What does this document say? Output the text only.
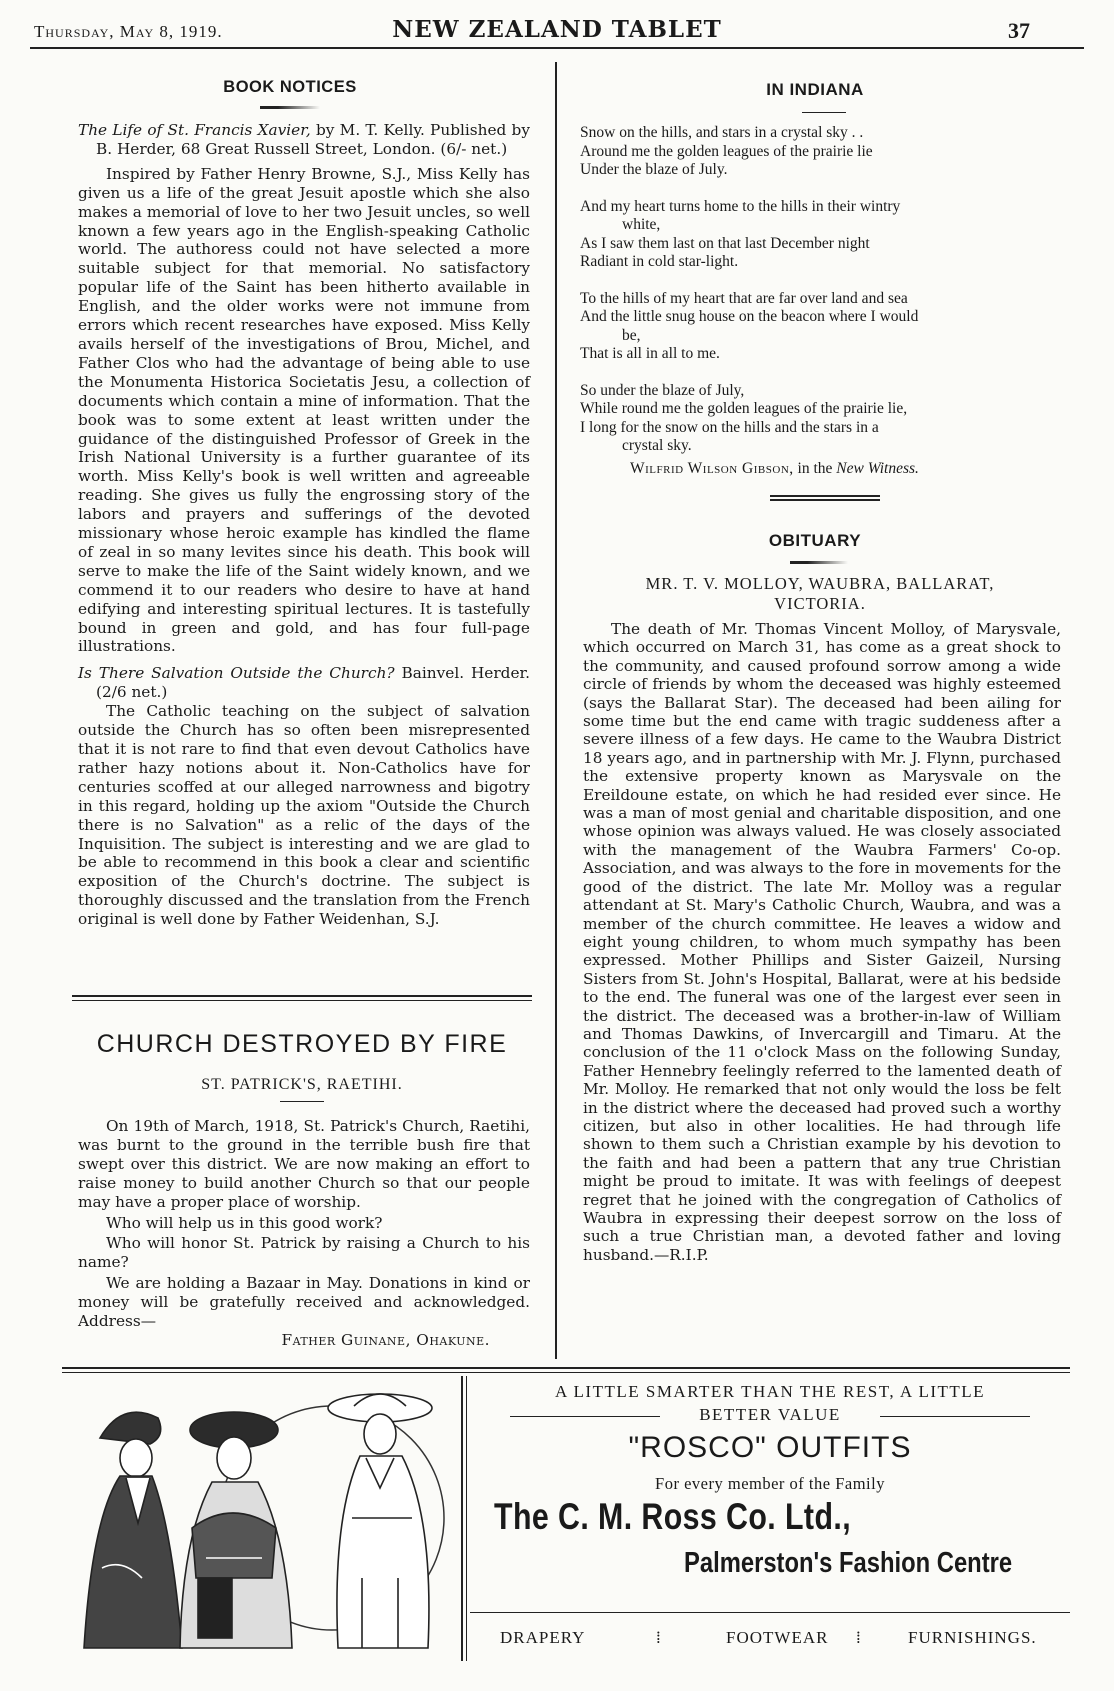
Thursday, May 8, 1919.	NEW ZEALAND TABLET	37
BOOK NOTICES

The Life of St. Francis Xavier, by M. T. Kelly. Published by B. Herder, 68 Great Russell Street, London. (6/- net.)

Inspired by Father Henry Browne, S.J., Miss Kelly has given us a life of the great Jesuit apostle which she also makes a memorial of love to her two Jesuit uncles, so well known a few years ago in the English-speaking Catholic world. The authoress could not have selected a more suitable subject for that memorial. No satisfactory popular life of the Saint has been hitherto available in English, and the older works were not immune from errors which recent researches have exposed. Miss Kelly avails herself of the investigations of Brou, Michel, and Father Clos who had the advantage of being able to use the Monumenta Historica Societatis Jesu, a collection of documents which contain a mine of information. That the book was to some extent at least written under the guidance of the distinguished Professor of Greek in the Irish National University is a further guarantee of its worth. Miss Kelly's book is well written and agreeable reading. She gives us fully the engrossing story of the labors and prayers and sufferings of the devoted missionary whose heroic example has kindled the flame of zeal in so many levites since his death. This book will serve to make the life of the Saint widely known, and we commend it to our readers who desire to have at hand edifying and interesting spiritual lectures. It is tastefully bound in green and gold, and has four full-page illustrations.

Is There Salvation Outside the Church? Bainvel. Herder. (2/6 net.)

The Catholic teaching on the subject of salvation outside the Church has so often been misrepresented that it is not rare to find that even devout Catholics have rather hazy notions about it. Non-Catholics have for centuries scoffed at our alleged narrowness and bigotry in this regard, holding up the axiom "Outside the Church there is no Salvation" as a relic of the days of the Inquisition. The subject is interesting and we are glad to be able to recommend in this book a clear and scientific exposition of the Church's doctrine. The subject is thoroughly discussed and the translation from the French original is well done by Father Weidenhan, S.J.

CHURCH DESTROYED BY FIRE
ST. PATRICK'S, RAETIHI.

On 19th of March, 1918, St. Patrick's Church, Raetihi, was burnt to the ground in the terrible bush fire that swept over this district. We are now making an effort to raise money to build another Church so that our people may have a proper place of worship.

Who will help us in this good work?

Who will honor St. Patrick by raising a Church to his name?

We are holding a Bazaar in May. Donations in kind or money will be gratefully received and acknowledged. Address—

Father Guinane, Ohakune.

IN INDIANA

Snow on the hills, and stars in a crystal sky . .

Around me the golden leagues of the prairie lie

Under the blaze of July.

And my heart turns home to the hills in their wintry

white,

As I saw them last on that last December night

Radiant in cold star-light.

To the hills of my heart that are far over land and sea

And the little snug house on the beacon where I would

be,

That is all in all to me.

So under the blaze of July,

While round me the golden leagues of the prairie lie,

I long for the snow on the hills and the stars in a

crystal sky.

Wilfrid Wilson Gibson, in the New Witness.

OBITUARY
MR. T. V. MOLLOY, WAUBRA, BALLARAT,
VICTORIA.

The death of Mr. Thomas Vincent Molloy, of Marysvale, which occurred on March 31, has come as a great shock to the community, and caused profound sorrow among a wide circle of friends by whom the deceased was highly esteemed (says the Ballarat Star). The deceased had been ailing for some time but the end came with tragic suddeness after a severe illness of a few days. He came to the Waubra District 18 years ago, and in partnership with Mr. J. Flynn, purchased the extensive property known as Marysvale on the Ereildoune estate, on which he had resided ever since. He was a man of most genial and charitable disposition, and one whose opinion was always valued. He was closely associated with the management of the Waubra Farmers' Co-op. Association, and was always to the fore in movements for the good of the district. The late Mr. Molloy was a regular attendant at St. Mary's Catholic Church, Waubra, and was a member of the church committee. He leaves a widow and eight young children, to whom much sympathy has been expressed. Mother Phillips and Sister Gaizeil, Nursing Sisters from St. John's Hospital, Ballarat, were at his bedside to the end. The funeral was one of the largest ever seen in the district. The deceased was a brother-in-law of William and Thomas Dawkins, of Invercargill and Timaru. At the conclusion of the 11 o'clock Mass on the following Sunday, Father Hennebry feelingly referred to the lamented death of Mr. Molloy. He remarked that not only would the loss be felt in the district where the deceased had proved such a worthy citizen, but also in other localities. He had through life shown to them such a Christian example by his devotion to the faith and had been a pattern that any true Christian might be proud to imitate. It was with feelings of deepest regret that he joined with the congregation of Catholics of Waubra in expressing their deepest sorrow on the loss of such a true Christian man, a devoted father and loving husband.—R.I.P.

A LITTLE SMARTER THAN THE REST, A LITTLE
BETTER VALUE
"ROSCO" OUTFITS
For every member of the Family
The C. M. Ross Co. Ltd.,
Palmerston's Fashion Centre
DRAPERY	⁞	FOOTWEAR ⁞	FURNISHINGS.
